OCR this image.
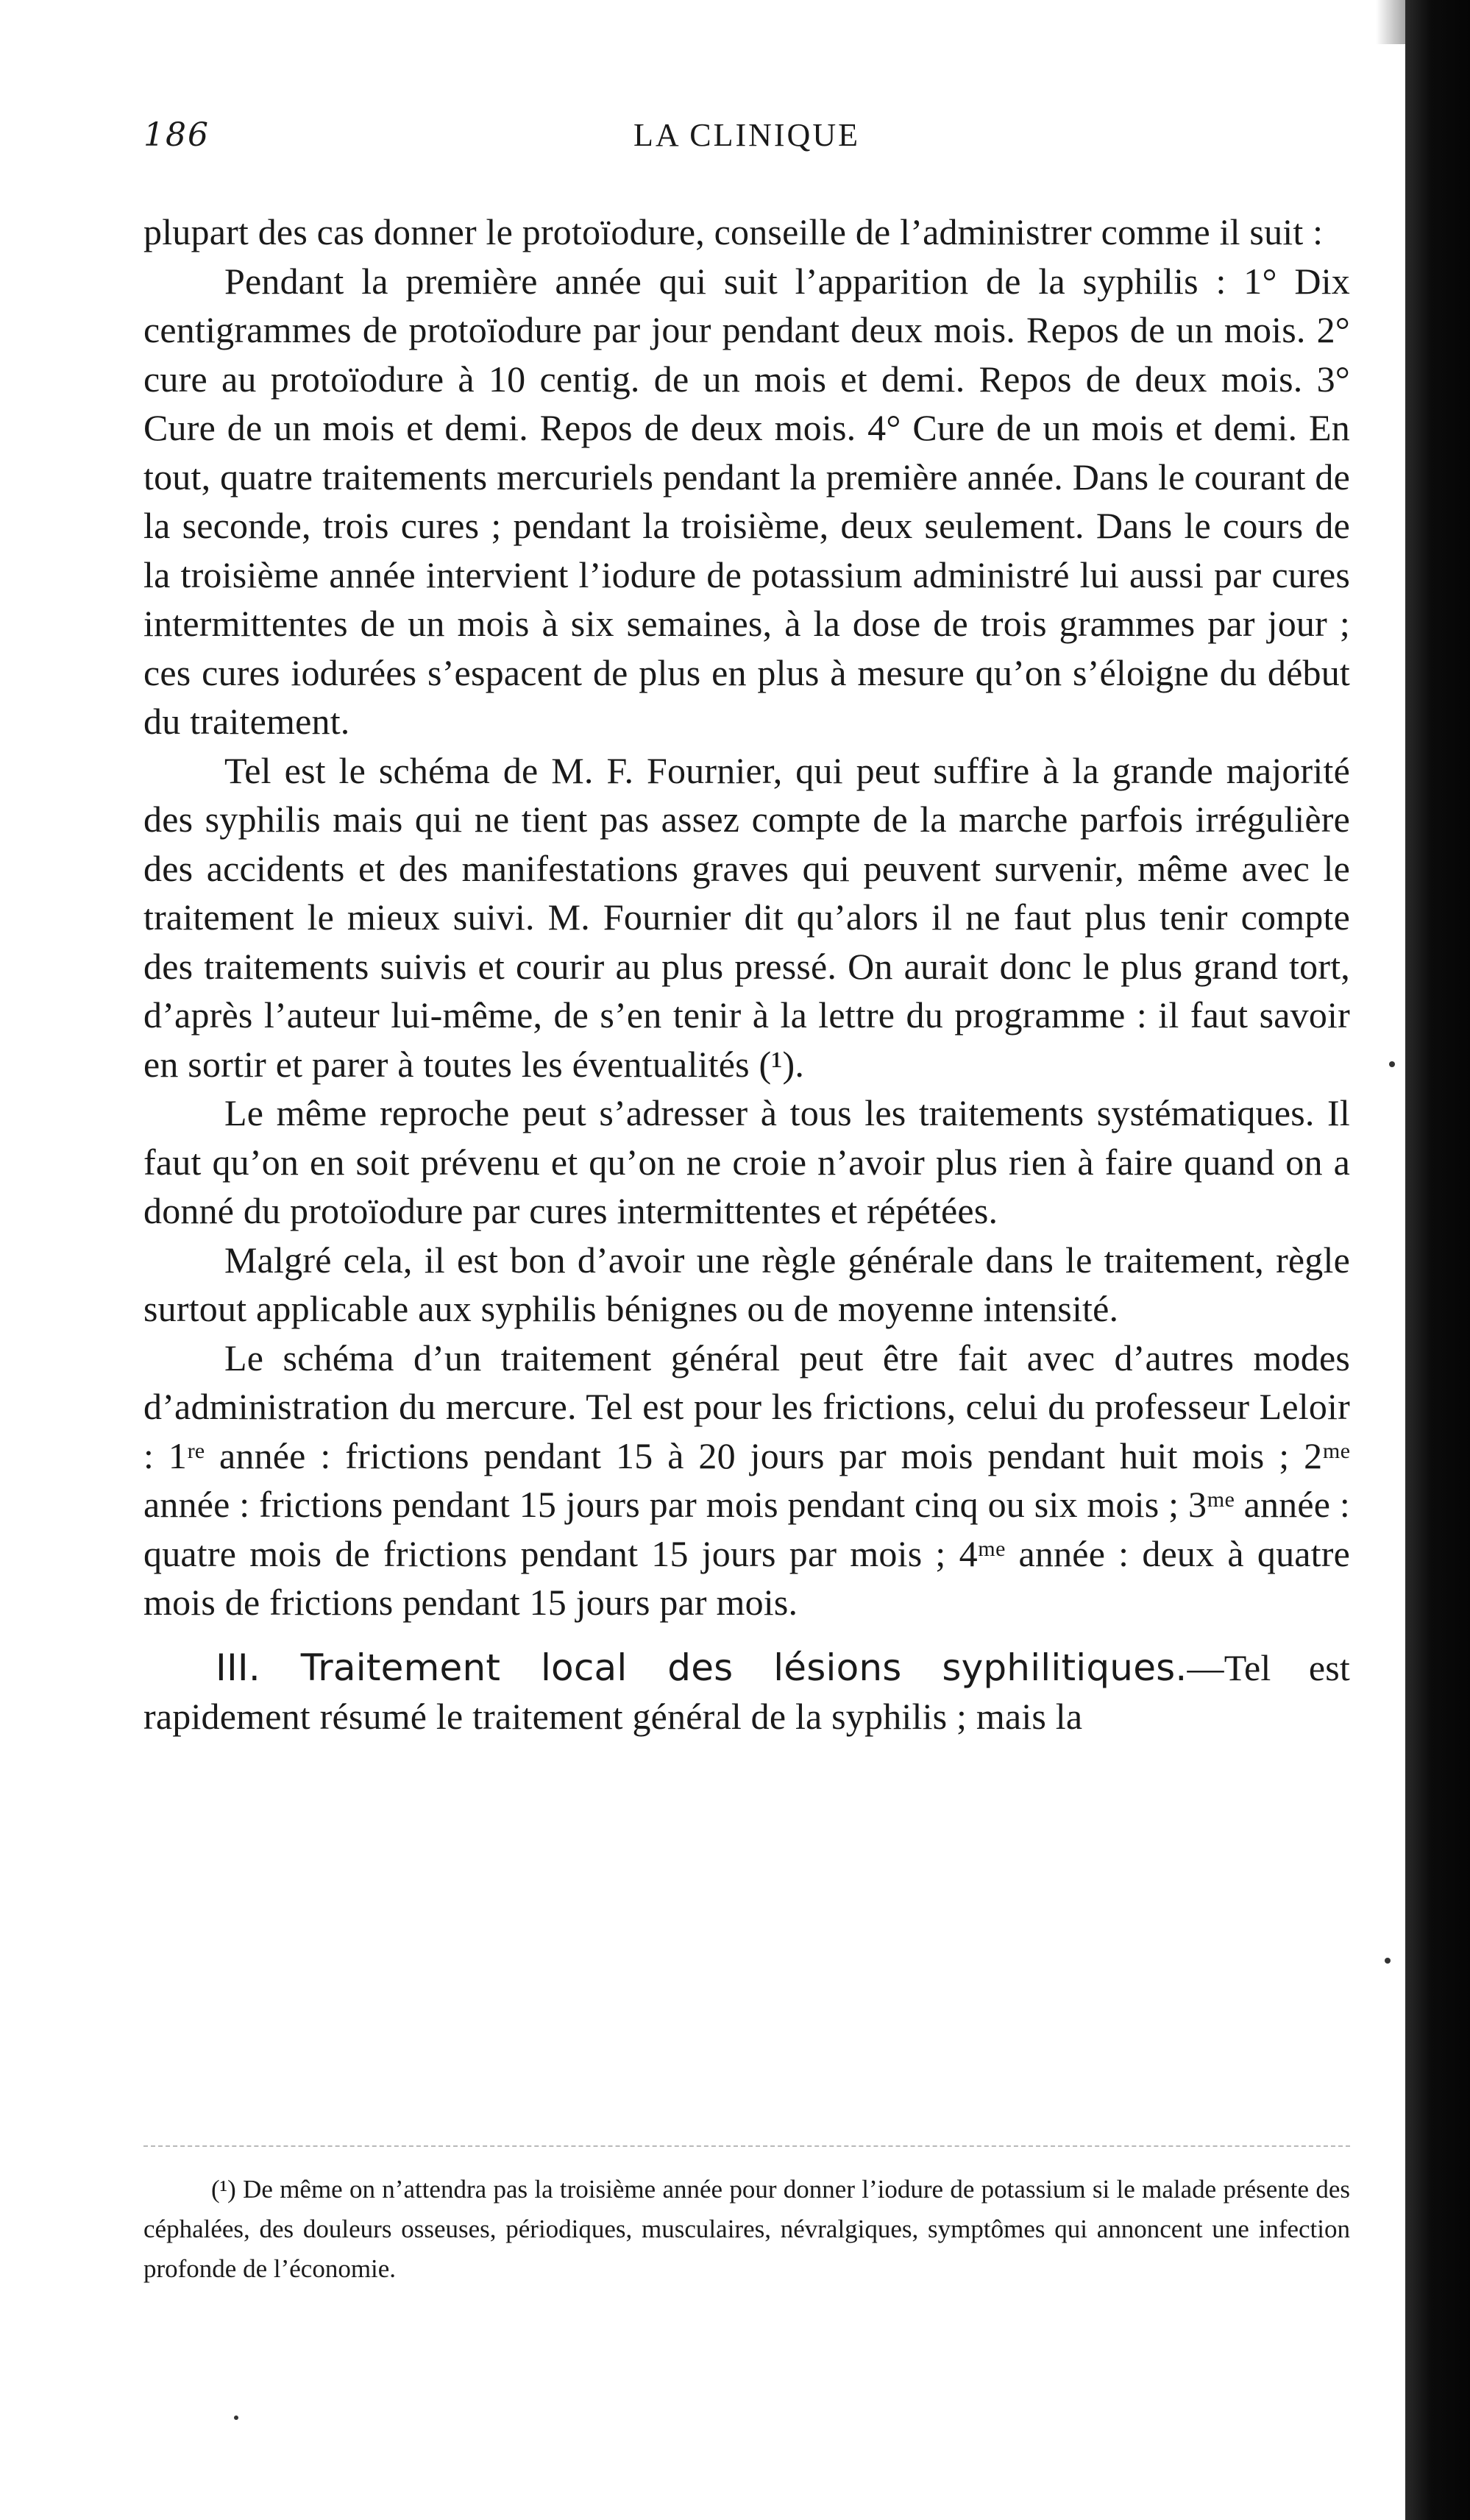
186	LA CLINIQUE

plupart des cas donner le protoïodure, conseille de l’administrer comme il suit :

Pendant la première année qui suit l’apparition de la syphilis : 1° Dix centigrammes de protoïodure par jour pendant deux mois. Repos de un mois. 2° cure au protoïodure à 10 centig. de un mois et demi. Repos de deux mois. 3° Cure de un mois et demi. Repos de deux mois. 4° Cure de un mois et demi. En tout, quatre traitements mercuriels pendant la première année. Dans le courant de la seconde, trois cures ; pendant la troisième, deux seulement. Dans le cours de la troisième année intervient l’iodure de potassium administré lui aussi par cures intermittentes de un mois à six semaines, à la dose de trois grammes par jour ; ces cures iodurées s’espacent de plus en plus à mesure qu’on s’éloigne du début du traitement.

Tel est le schéma de M. F. Fournier, qui peut suffire à la grande majorité des syphilis mais qui ne tient pas assez compte de la marche parfois irrégulière des accidents et des manifestations graves qui peuvent survenir, même avec le traitement le mieux suivi. M. Fournier dit qu’alors il ne faut plus tenir compte des traitements suivis et courir au plus pressé. On aurait donc le plus grand tort, d’après l’auteur lui-même, de s’en tenir à la lettre du programme : il faut savoir en sortir et parer à toutes les éventualités (¹).

Le même reproche peut s’adresser à tous les traitements systématiques. Il faut qu’on en soit prévenu et qu’on ne croie n’avoir plus rien à faire quand on a donné du protoïodure par cures intermittentes et répétées.

Malgré cela, il est bon d’avoir une règle générale dans le traitement, règle surtout applicable aux syphilis bénignes ou de moyenne intensité.

Le schéma d’un traitement général peut être fait avec d’autres modes d’administration du mercure. Tel est pour les frictions, celui du professeur Leloir : 1ʳᵉ année : frictions pendant 15 à 20 jours par mois pendant huit mois ; 2ᵐᵉ année : frictions pendant 15 jours par mois pendant cinq ou six mois ; 3ᵐᵉ année : quatre mois de frictions pendant 15 jours par mois ; 4ᵐᵉ année : deux à quatre mois de frictions pendant 15 jours par mois.

III. Traitement local des lésions syphilitiques.—Tel est rapidement résumé le traitement général de la syphilis ; mais la

(¹) De même on n’attendra pas la troisième année pour donner l’iodure de potassium si le malade présente des céphalées, des douleurs osseuses, périodiques, musculaires, névralgiques, symptômes qui annoncent une infection profonde de l’économie.
